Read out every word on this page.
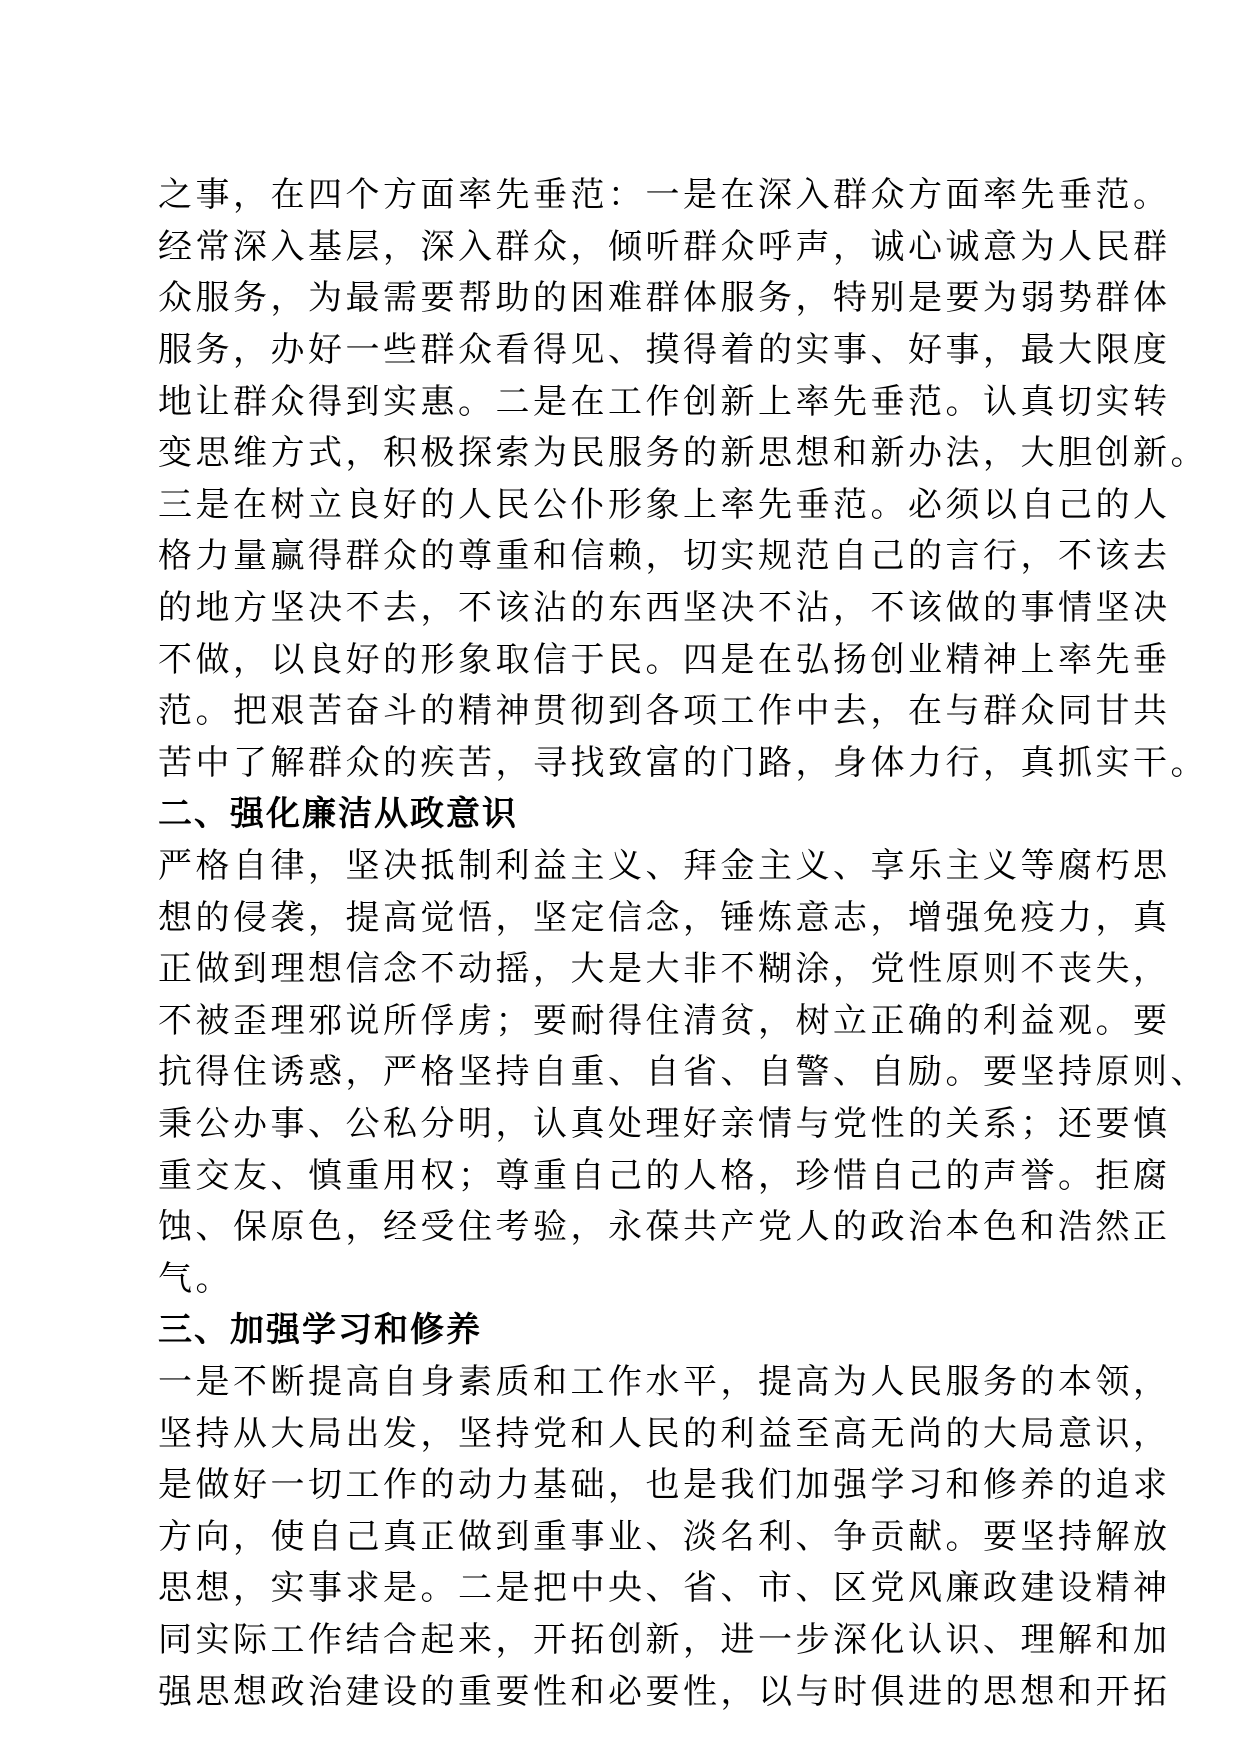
之事，在四个方面率先垂范：一是在深入群众方面率先垂范。
经常深入基层，深入群众，倾听群众呼声，诚心诚意为人民群
众服务，为最需要帮助的困难群体服务，特别是要为弱势群体
服务，办好一些群众看得见、摸得着的实事、好事，最大限度
地让群众得到实惠。二是在工作创新上率先垂范。认真切实转
变思维方式，积极探索为民服务的新思想和新办法，大胆创新。
三是在树立良好的人民公仆形象上率先垂范。必须以自己的人
格力量赢得群众的尊重和信赖，切实规范自己的言行，不该去
的地方坚决不去，不该沾的东西坚决不沾，不该做的事情坚决
不做，以良好的形象取信于民。四是在弘扬创业精神上率先垂
范。把艰苦奋斗的精神贯彻到各项工作中去，在与群众同甘共
苦中了解群众的疾苦，寻找致富的门路，身体力行，真抓实干。
二、强化廉洁从政意识
严格自律，坚决抵制利益主义、拜金主义、享乐主义等腐朽思
想的侵袭，提高觉悟，坚定信念，锤炼意志，增强免疫力，真
正做到理想信念不动摇，大是大非不糊涂，党性原则不丧失，
不被歪理邪说所俘虏；要耐得住清贫，树立正确的利益观。要
抗得住诱惑，严格坚持自重、自省、自警、自励。要坚持原则、
秉公办事、公私分明，认真处理好亲情与党性的关系；还要慎
重交友、慎重用权；尊重自己的人格，珍惜自己的声誉。拒腐
蚀、保原色，经受住考验，永葆共产党人的政治本色和浩然正
气。
三、加强学习和修养
一是不断提高自身素质和工作水平，提高为人民服务的本领，
坚持从大局出发，坚持党和人民的利益至高无尚的大局意识，
是做好一切工作的动力基础，也是我们加强学习和修养的追求
方向，使自己真正做到重事业、淡名利、争贡献。要坚持解放
思想，实事求是。二是把中央、省、市、区党风廉政建设精神
同实际工作结合起来，开拓创新，进一步深化认识、理解和加
强思想政治建设的重要性和必要性，以与时俱进的思想和开拓
